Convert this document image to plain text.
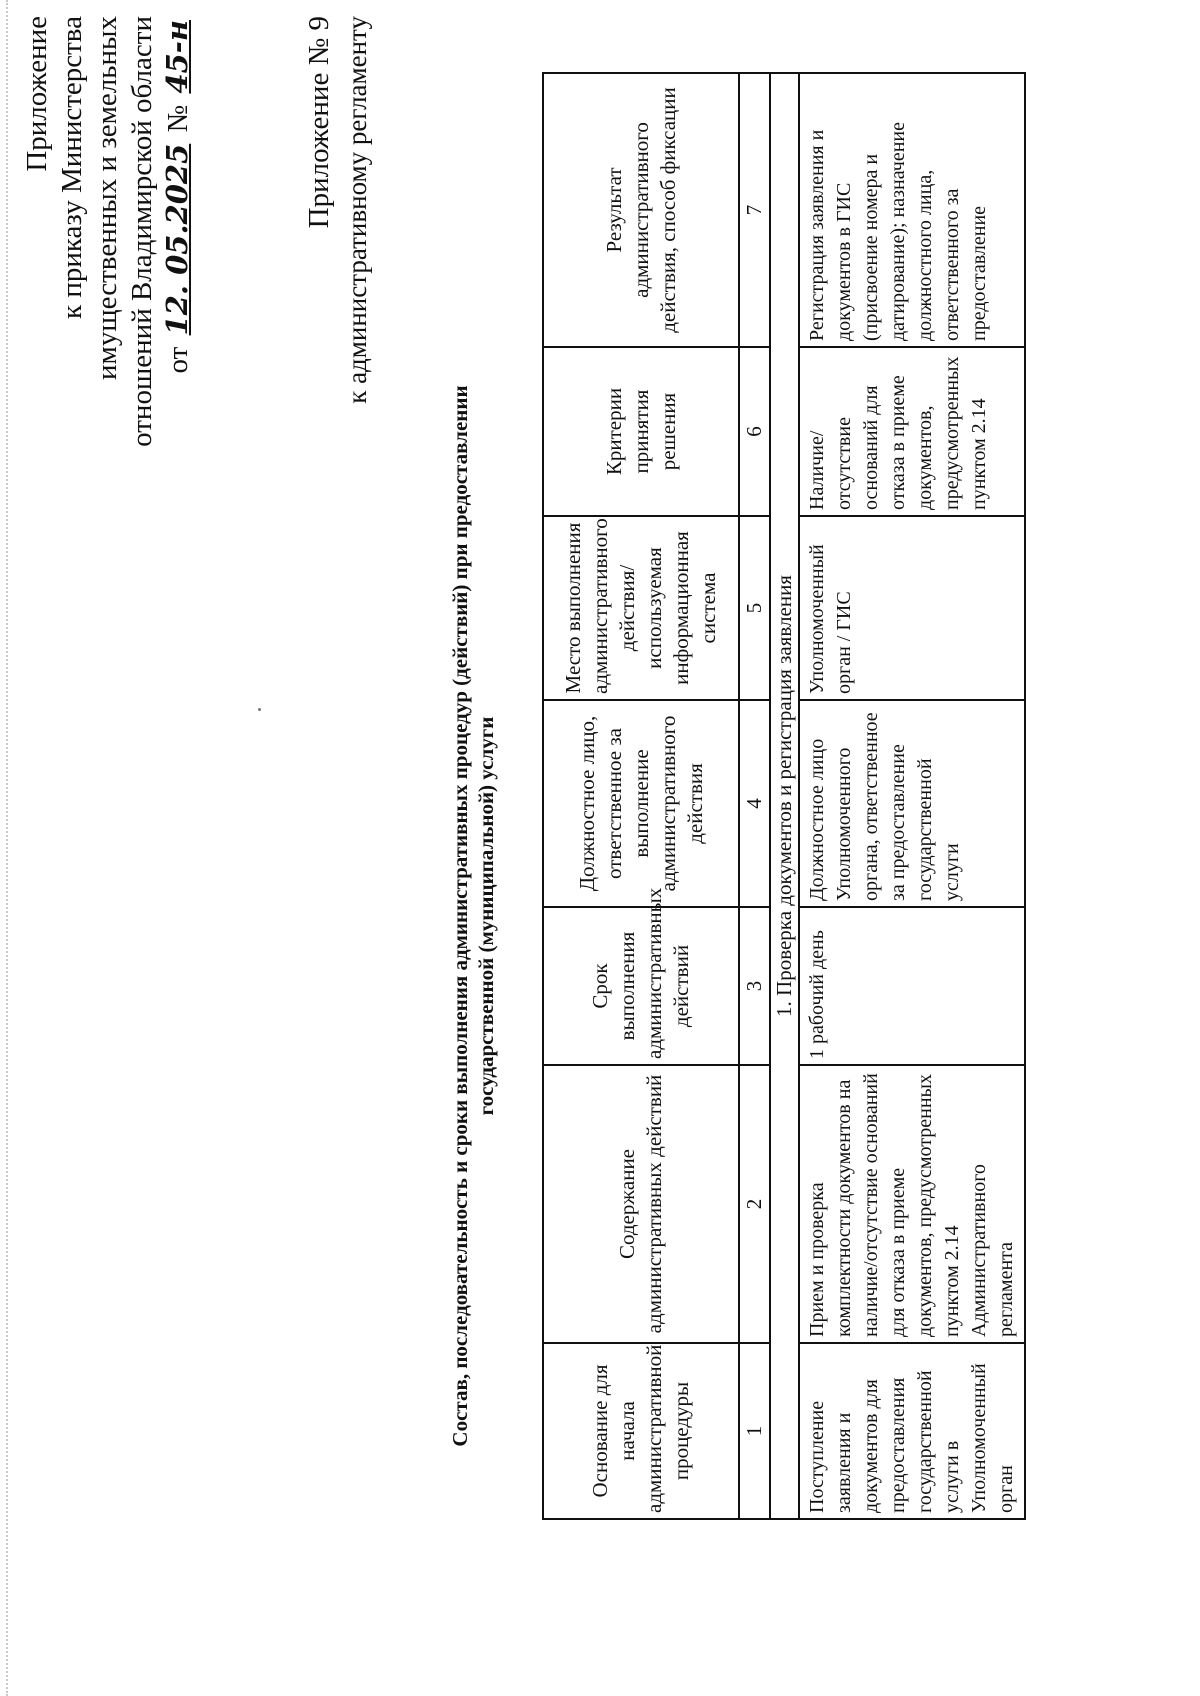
Приложение к приказу Министерства имущественных и земельных отношений Владимирской области от 12. 05.2025 № 45-н	Приложение № 9 к административному регламенту
Состав, последовательность и сроки выполнения административных процедур (действий) при предоставлении государственной (муниципальной) услуги
Основание для начала административной процедуры	Содержание административных действий	Срок выполнения административных действий	Должностное лицо, ответственное за выполнение административного действия	Место выполнения административного действия/ используемая информационная система	Критерии принятия решения	Результат административного действия, способ фиксации
1	2	3	4	5	6	7
1. Проверка документов и регистрация заявления						
Поступление заявления и документов для предоставления государственной услуги в Уполномоченный орган	Прием и проверка комплектности документов на наличие/отсутствие оснований для отказа в приеме документов, предусмотренных пунктом 2.14 Административного регламента	1 рабочий день	Должностное лицо Уполномоченного органа, ответственное за предоставление государственной услуги	Уполномоченный орган / ГИС	Наличие/отсутствие оснований для отказа в приеме документов, предусмотренных пунктом 2.14	Регистрация заявления и документов в ГИС (присвоение номера и датирование); назначение должностного лица, ответственного за предоставление
